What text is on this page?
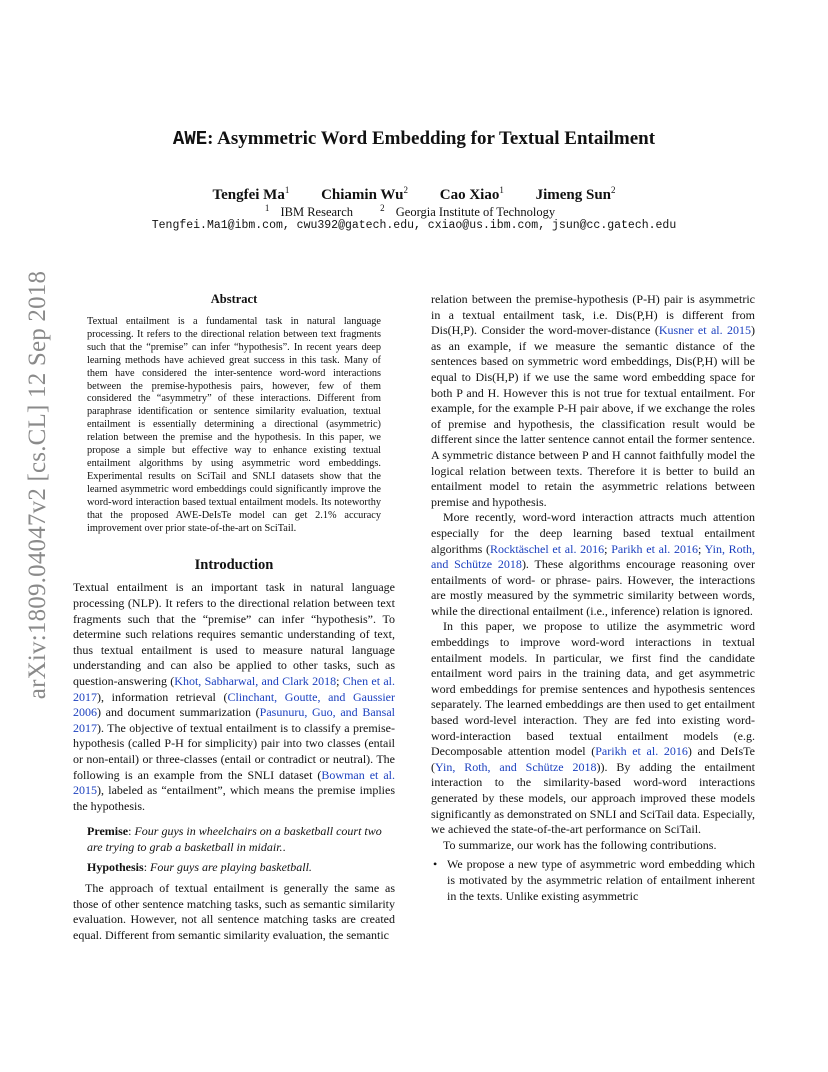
arXiv:1809.04047v2 [cs.CL] 12 Sep 2018
AWE: Asymmetric Word Embedding for Textual Entailment
Tengfei Ma$^1$ Chiamin Wu$^2$ Cao Xiao$^1$ Jimeng Sun$^2$
$^1$ IBM Research	$^2$ Georgia Institute of Technology
Tengfei.Ma1@ibm.com, cwu392@gatech.edu, cxiao@us.ibm.com, jsun@cc.gatech.edu
Abstract
Textual entailment is a fundamental task in natural language processing. It refers to the directional relation between text fragments such that the “premise” can infer “hypothesis”. In recent years deep learning methods have achieved great success in this task. Many of them have considered the inter-sentence word-word interactions between the premise-hypothesis pairs, however, few of them considered the “asymmetry” of these interactions. Different from paraphrase identification or sentence similarity evaluation, textual entailment is essentially determining a directional (asymmetric) relation between the premise and the hypothesis. In this paper, we propose a simple but effective way to enhance existing textual entailment algorithms by using asymmetric word embeddings. Experimental results on SciTail and SNLI datasets show that the learned asymmetric word embeddings could significantly improve the word-word interaction based textual entailment models. Its noteworthy that the proposed AWE-DeIsTe model can get 2.1% accuracy improvement over prior state-of-the-art on SciTail.
Introduction

Textual entailment is an important task in natural language processing (NLP). It refers to the directional relation between text fragments such that the “premise” can infer “hypothesis”. To determine such relations requires semantic understanding of text, thus textual entailment is used to measure natural language understanding and can also be applied to other tasks, such as question-answering (Khot, Sabharwal, and Clark 2018; Chen et al. 2017), information retrieval (Clinchant, Goutte, and Gaussier 2006) and document summarization (Pasunuru, Guo, and Bansal 2017). The objective of textual entailment is to classify a premise-hypothesis (called P-H for simplicity) pair into two classes (entail or non-entail) or three-classes (entail or contradict or neutral). The following is an example from the SNLI dataset (Bowman et al. 2015), labeled as “entailment”, which means the premise implies the hypothesis.

Premise: Four guys in wheelchairs on a basketball court two are trying to grab a basketball in midair..
Hypothesis: Four guys are playing basketball.

The approach of textual entailment is generally the same as those of other sentence matching tasks, such as semantic similarity evaluation. However, not all sentence matching tasks are created equal. Different from semantic similarity evaluation, the semantic

relation between the premise-hypothesis (P-H) pair is asymmetric in a textual entailment task, i.e. Dis(P,H) is different from Dis(H,P). Consider the word-mover-distance (Kusner et al. 2015) as an example, if we measure the semantic distance of the sentences based on symmetric word embeddings, Dis(P,H) will be equal to Dis(H,P) if we use the same word embedding space for both P and H. However this is not true for textual entailment. For example, for the example P-H pair above, if we exchange the roles of premise and hypothesis, the classification result would be different since the latter sentence cannot entail the former sentence. A symmetric distance between P and H cannot faithfully model the logical relation between texts. Therefore it is better to build an entailment model to retain the asymmetric relations between premise and hypothesis.

More recently, word-word interaction attracts much attention especially for the deep learning based textual entailment algorithms (Rocktäschel et al. 2016; Parikh et al. 2016; Yin, Roth, and Schütze 2018). These algorithms encourage reasoning over entailments of word- or phrase- pairs. However, the interactions are mostly measured by the symmetric similarity between words, while the directional entailment (i.e., inference) relation is ignored.

In this paper, we propose to utilize the asymmetric word embeddings to improve word-word interactions in textual entailment models. In particular, we first find the candidate entailment word pairs in the training data, and get asymmetric word embeddings for premise sentences and hypothesis sentences separately. The learned embeddings are then used to get entailment based word-level interaction. They are fed into existing word-word-interaction based textual entailment models (e.g. Decomposable attention model (Parikh et al. 2016) and DeIsTe (Yin, Roth, and Schütze 2018)). By adding the entailment interaction to the similarity-based word-word interactions generated by these models, our approach improved these models significantly as demonstrated on SNLI and SciTail data. Especially, we achieved the state-of-the-art performance on SciTail.

To summarize, our work has the following contributions.

• We propose a new type of asymmetric word embedding which is motivated by the asymmetric relation of entailment inherent in the texts. Unlike existing asymmetric
